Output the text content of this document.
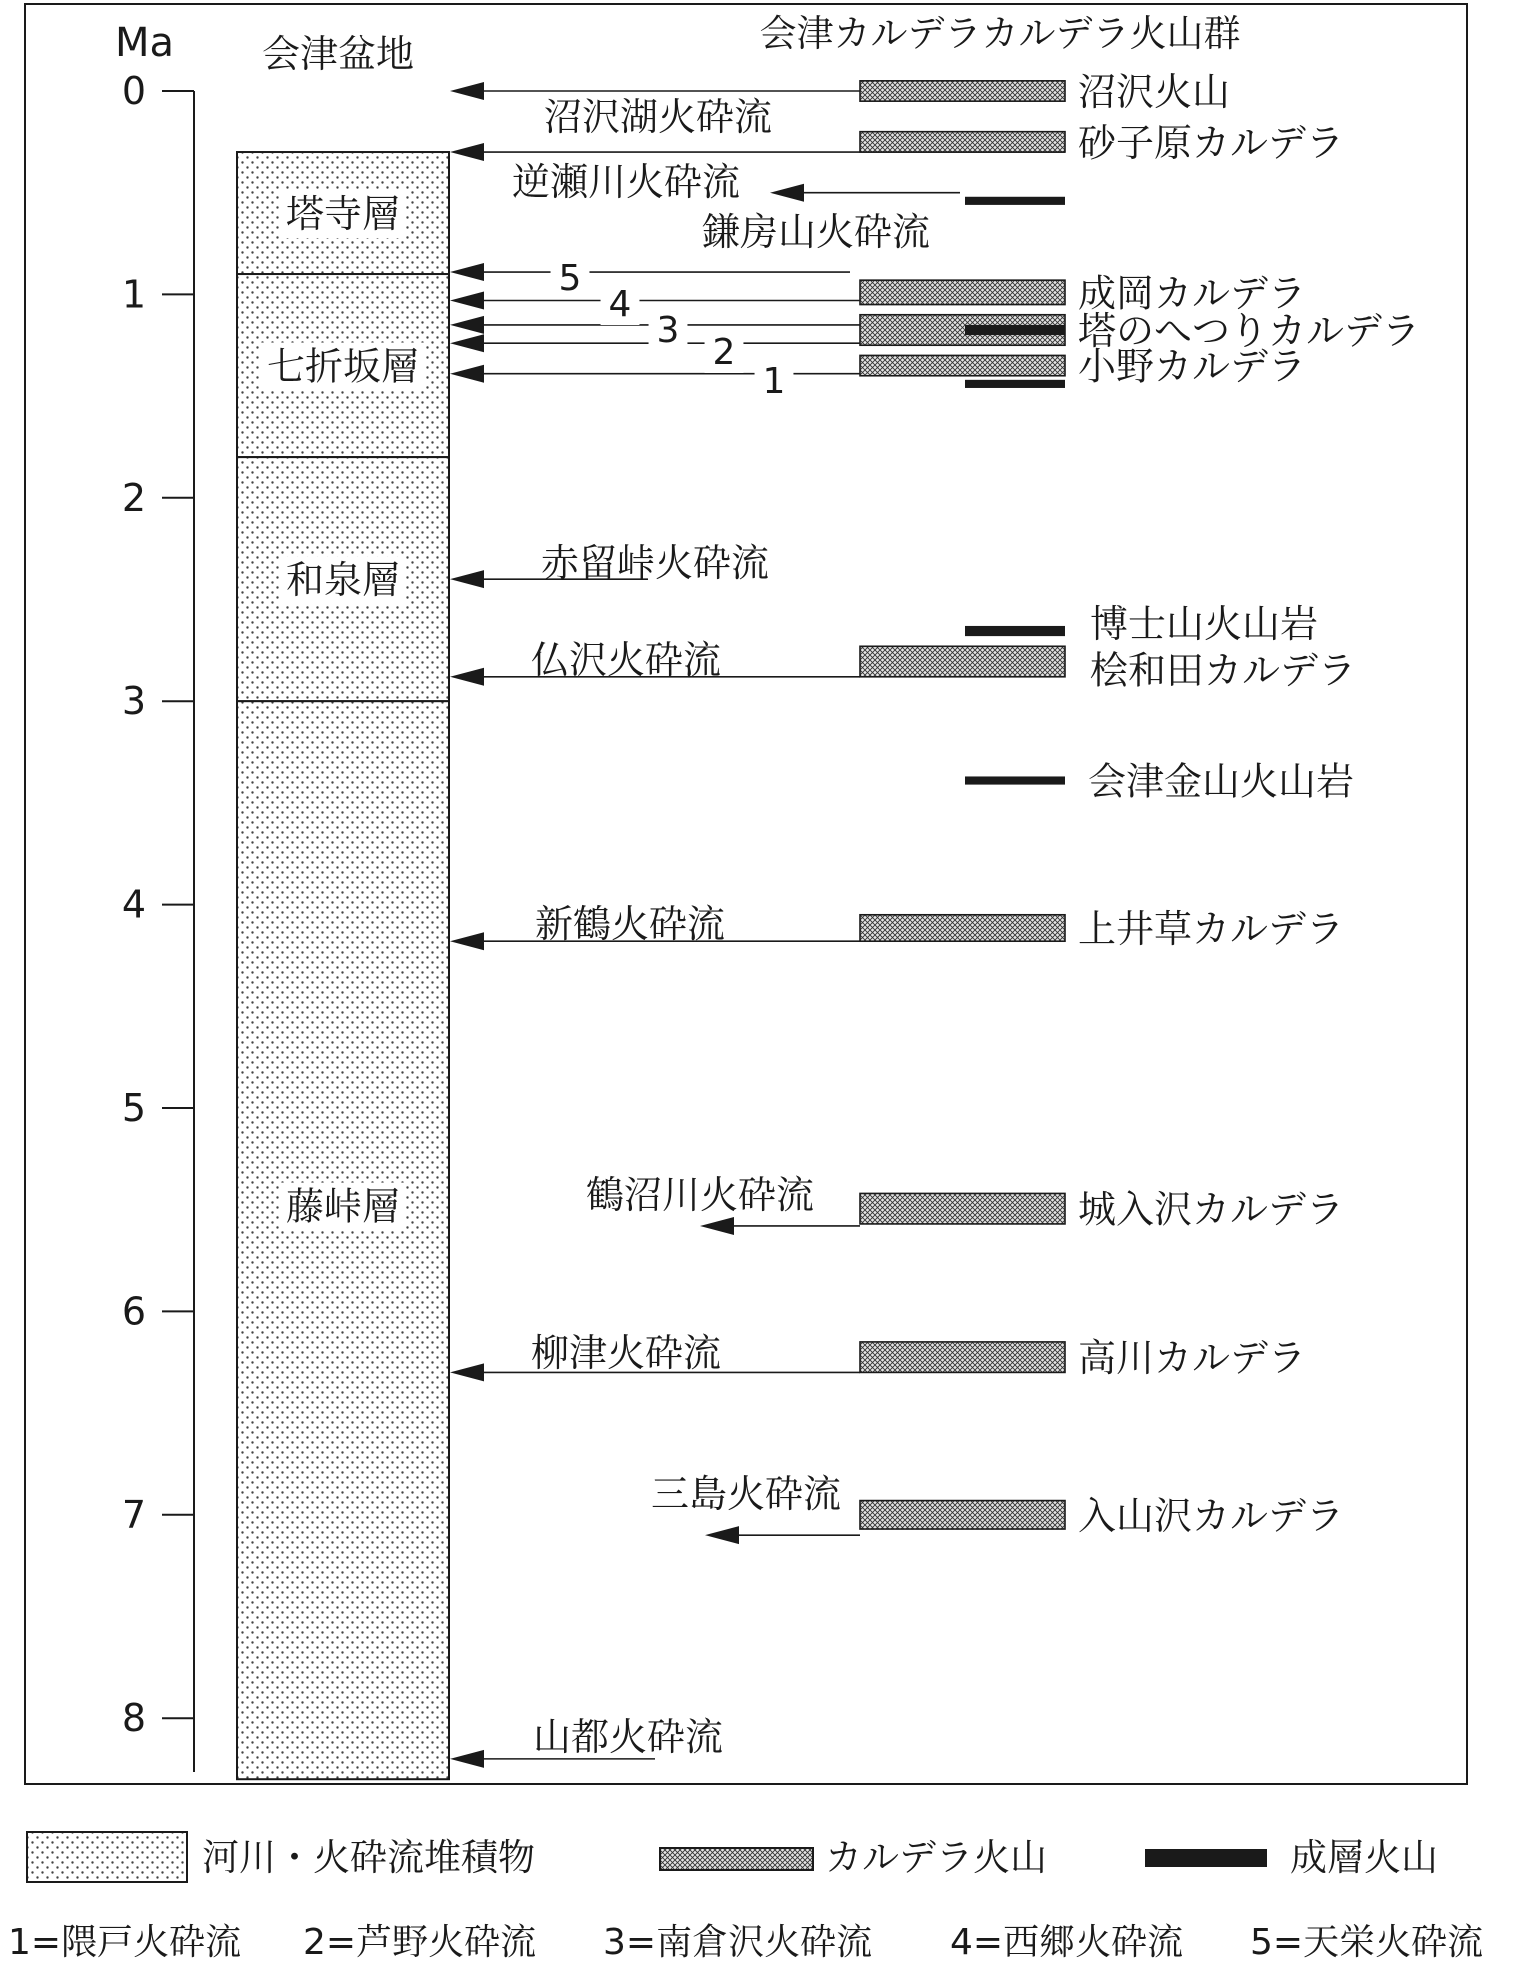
Ma
0
1
2
3
4
5
6
7
8
会津盆地
塔寺層
七折坂層
和泉層
藤峠層
会津カルデラカルデラ火山群
沼沢火山
砂子原カルデラ
成岡カルデラ
塔のへつりカルデラ
小野カルデラ
博士山火山岩
桧和田カルデラ
会津金山火山岩
上井草カルデラ
城入沢カルデラ
高川カルデラ
入山沢カルデラ
沼沢湖火砕流
逆瀬川火砕流
鎌房山火砕流
5
4
3
2
1
赤留峠火砕流
仏沢火砕流
新鶴火砕流
鶴沼川火砕流
柳津火砕流
三島火砕流
山都火砕流
河川・火砕流堆積物	カルデラ火山	成層火山
1=隈戸火砕流 2=芦野火砕流 3=南倉沢火砕流 4=西郷火砕流 5=天栄火砕流
